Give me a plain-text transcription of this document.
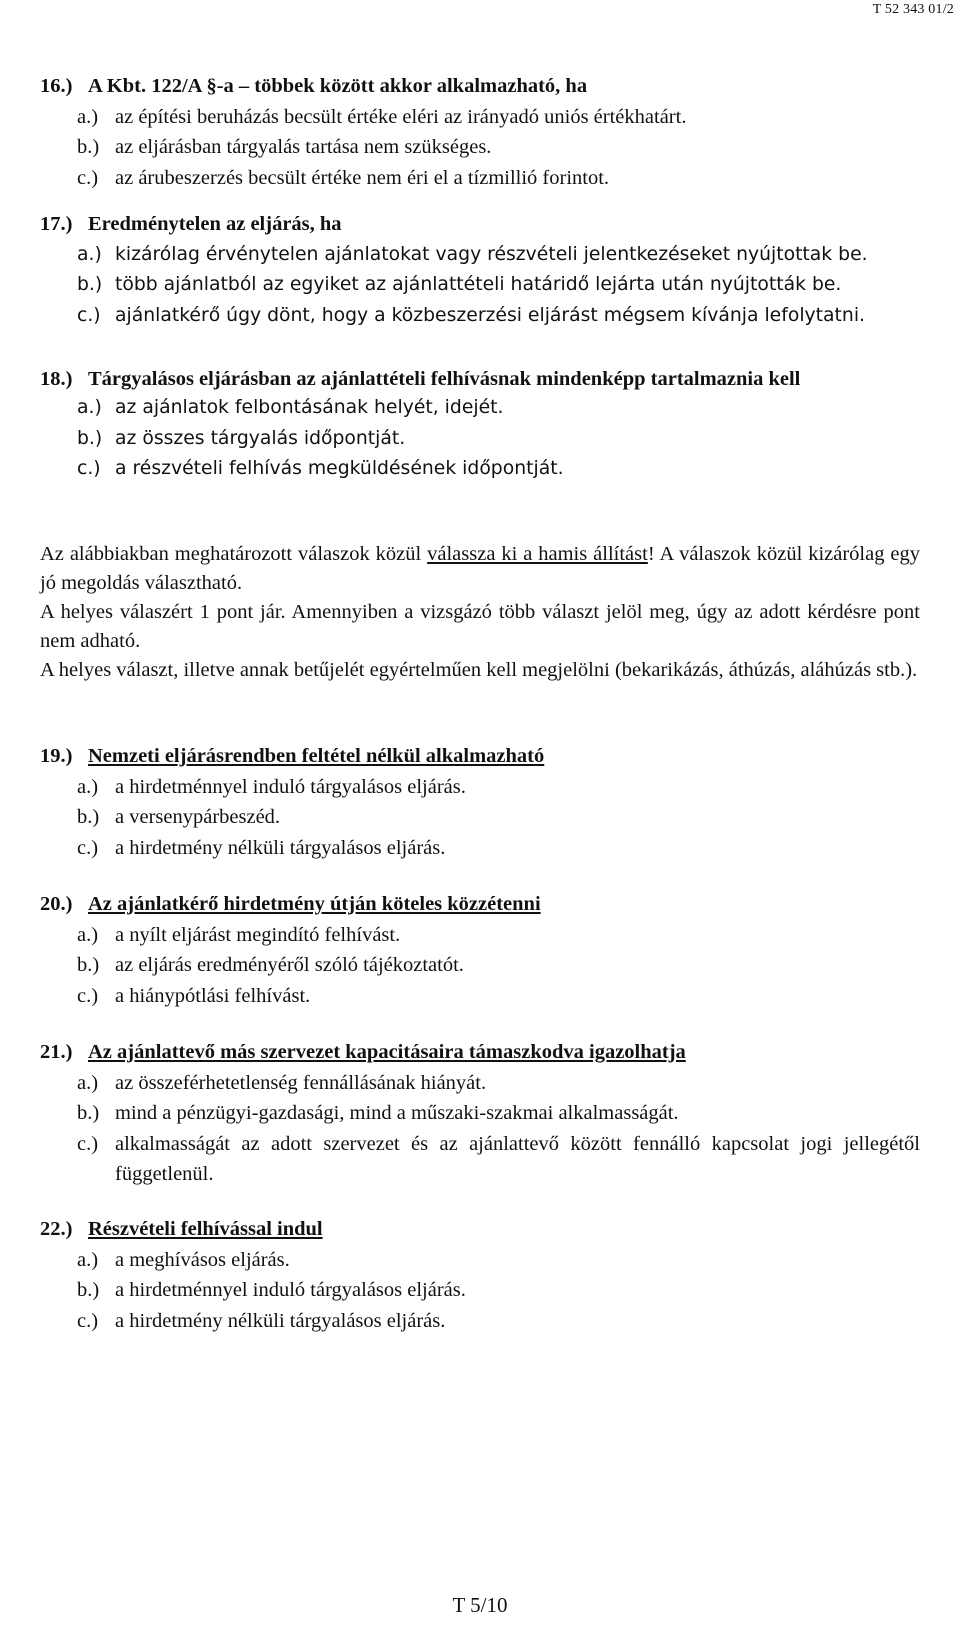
T 52 343 01/2
16.) A Kbt. 122/A §-a – többek között akkor alkalmazható, ha
a.) az építési beruházás becsült értéke eléri az irányadó uniós értékhatárt.
b.) az eljárásban tárgyalás tartása nem szükséges.
c.) az árubeszerzés becsült értéke nem éri el a tízmillió forintot.
17.) Eredménytelen az eljárás, ha
a.) kizárólag érvénytelen ajánlatokat vagy részvételi jelentkezéseket nyújtottak be.
b.) több ajánlatból az egyiket az ajánlattételi határidő lejárta után nyújtották be.
c.) ajánlatkérő úgy dönt, hogy a közbeszerzési eljárást mégsem kívánja lefolytatni.
18.) Tárgyalásos eljárásban az ajánlattételi felhívásnak mindenképp tartalmaznia kell
a.) az ajánlatok felbontásának helyét, idejét.
b.) az összes tárgyalás időpontját.
c.) a részvételi felhívás megküldésének időpontját.
Az alábbiakban meghatározott válaszok közül válassza ki a hamis állítást! A válaszok közül kizárólag egy jó megoldás választható.
A helyes válaszért 1 pont jár. Amennyiben a vizsgázó több választ jelöl meg, úgy az adott kérdésre pont nem adható.
A helyes választ, illetve annak betűjelét egyértelműen kell megjelölni (bekarikázás, áthúzás, aláhúzás stb.).
19.) Nemzeti eljárásrendben feltétel nélkül alkalmazható
a.) a hirdetménnyel induló tárgyalásos eljárás.
b.) a versenypárbeszéd.
c.) a hirdetmény nélküli tárgyalásos eljárás.
20.) Az ajánlatkérő hirdetmény útján köteles közzétenni
a.) a nyílt eljárást megindító felhívást.
b.) az eljárás eredményéről szóló tájékoztatót.
c.) a hiánypótlási felhívást.
21.) Az ajánlattevő más szervezet kapacitásaira támaszkodva igazolhatja
a.) az összeférhetetlenség fennállásának hiányát.
b.) mind a pénzügyi-gazdasági, mind a műszaki-szakmai alkalmasságát.
c.) alkalmasságát az adott szervezet és az ajánlattevő között fennálló kapcsolat jogi jellegétől függetlenül.
22.) Részvételi felhívással indul
a.) a meghívásos eljárás.
b.) a hirdetménnyel induló tárgyalásos eljárás.
c.) a hirdetmény nélküli tárgyalásos eljárás.
T 5/10
